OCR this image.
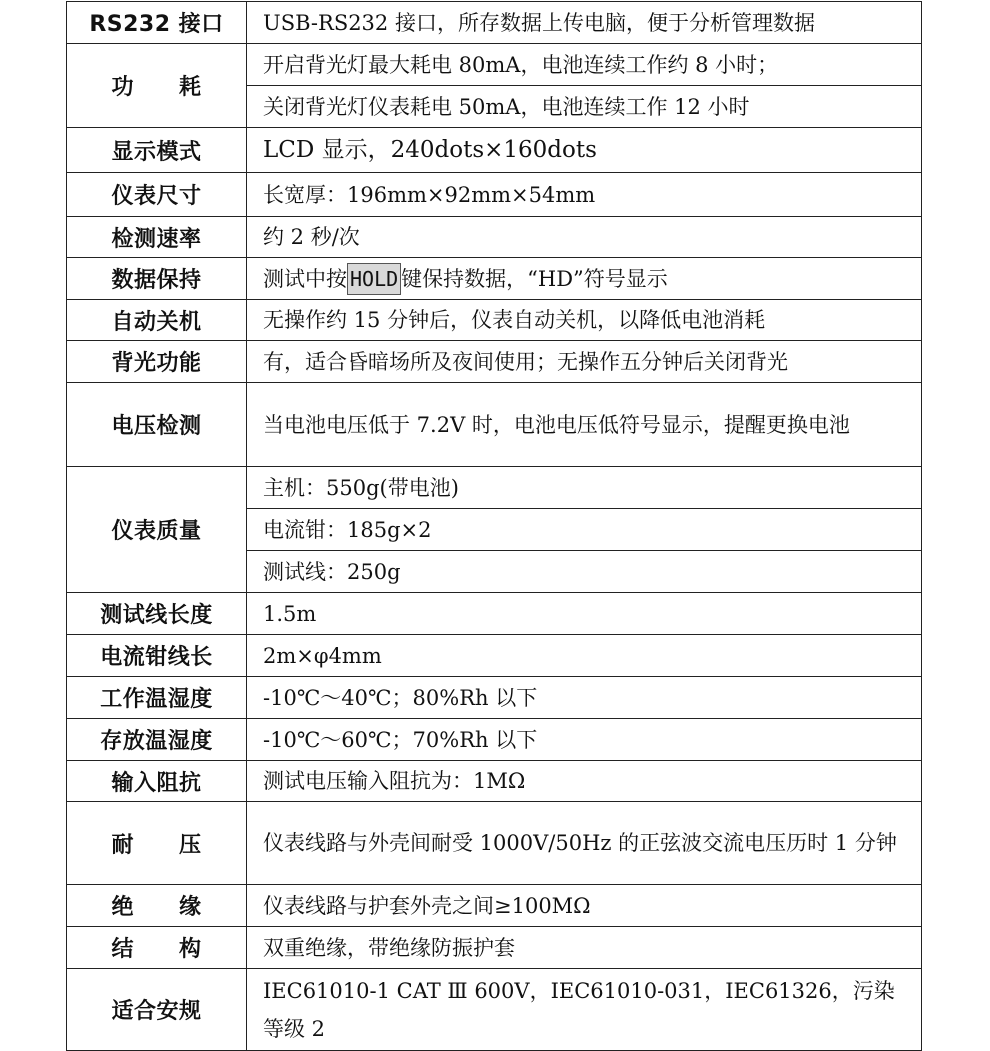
RS232 接口	USB-RS232 接口，所存数据上传电脑，便于分析管理数据
功　　耗	开启背光灯最大耗电 80mA，电池连续工作约 8 小时；
	关闭背光灯仪表耗电 50mA，电池连续工作 12 小时
显示模式	LCD 显示，240dots×160dots
仪表尺寸	长宽厚：196mm×92mm×54mm
检测速率	约 2 秒/次
数据保持	测试中按 HOLD 键保持数据，“HD”符号显示
自动关机	无操作约 15 分钟后，仪表自动关机，以降低电池消耗
背光功能	有，适合昏暗场所及夜间使用；无操作五分钟后关闭背光
电压检测	当电池电压低于 7.2V 时，电池电压低符号显示，提醒更换电池
仪表质量	主机：550g(带电池)
	电流钳：185g×2
	测试线：250g
测试线长度	1.5m
电流钳线长	2m×φ4mm
工作温湿度	-10℃～40℃；80%Rh 以下
存放温湿度	-10℃～60℃；70%Rh 以下
输入阻抗	测试电压输入阻抗为：1MΩ
耐　　压	仪表线路与外壳间耐受 1000V/50Hz 的正弦波交流电压历时 1 分钟
绝　　缘	仪表线路与护套外壳之间≥100MΩ
结　　构	双重绝缘，带绝缘防振护套
适合安规	IEC61010-1 CAT Ⅲ 600V，IEC61010-031，IEC61326，污染等级 2
